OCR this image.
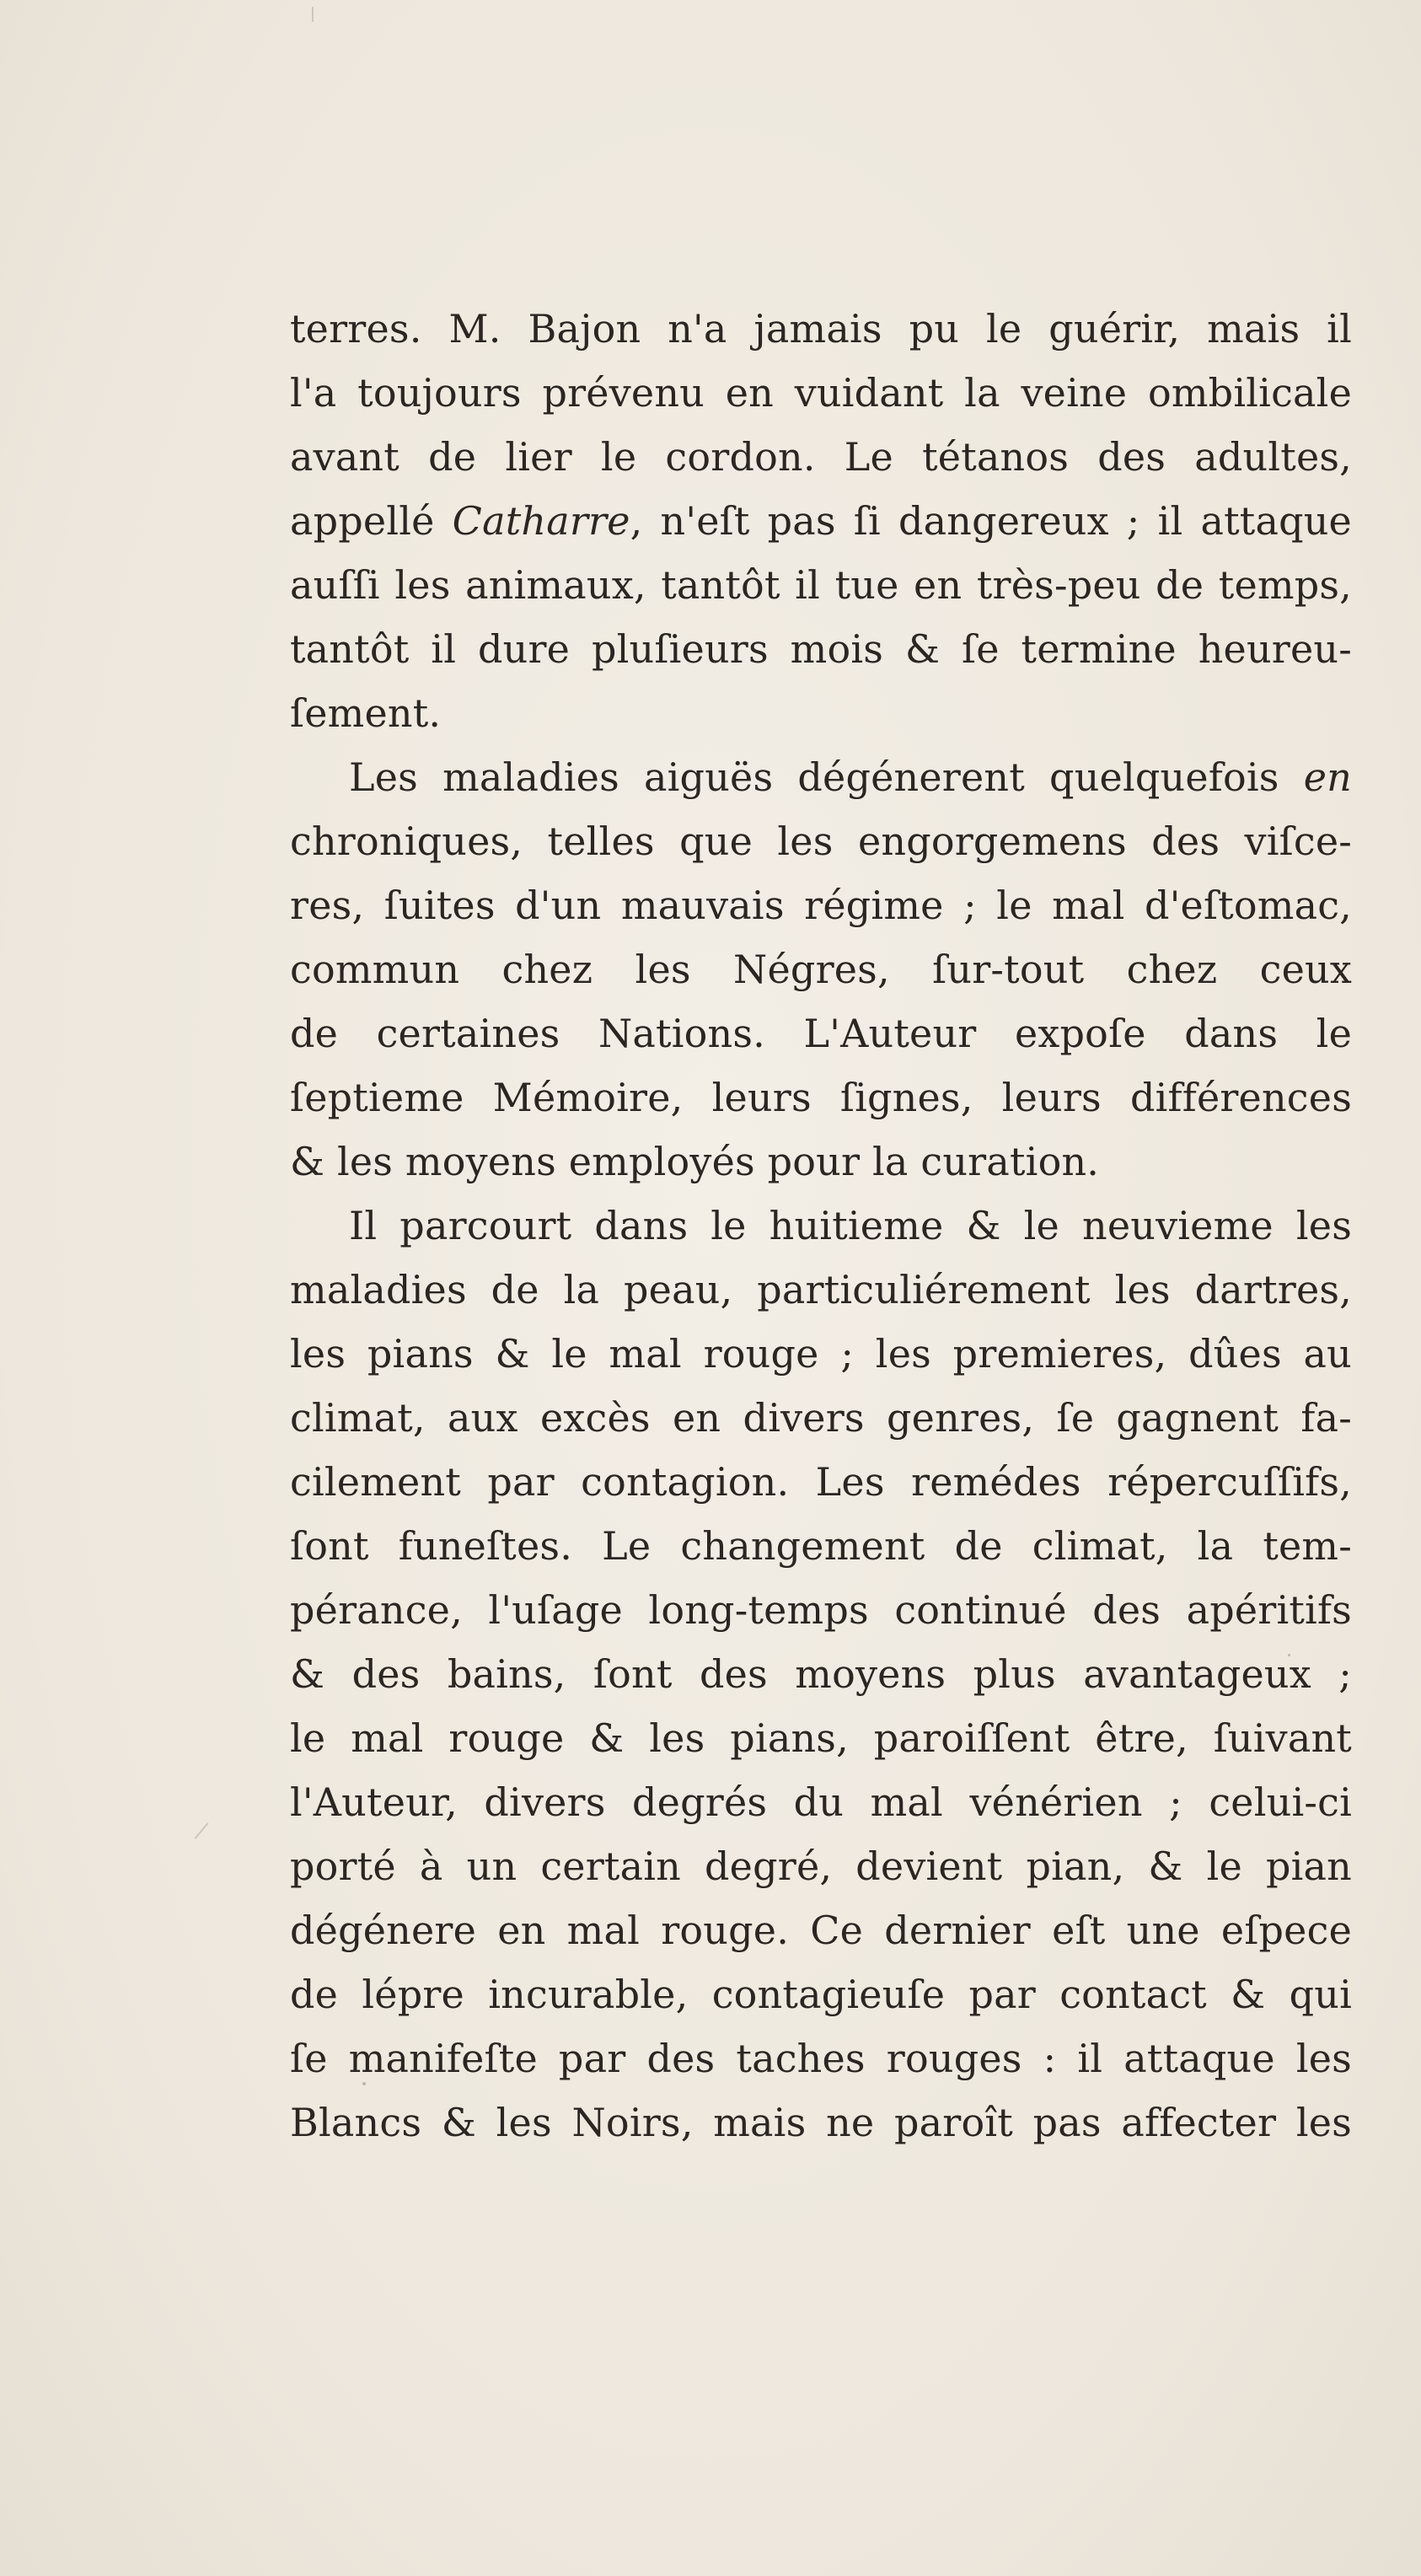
terres. M. Bajon n'a jamais pu le guérir, mais il
l'a toujours prévenu en vuidant la veine ombilicale
avant de lier le cordon. Le tétanos des adultes,
appellé Catharre, n'eſt pas ſi dangereux ; il attaque
auſſi les animaux, tantôt il tue en très-peu de temps,
tantôt il dure pluſieurs mois & ſe termine heureu-
ſement.
Les maladies aiguës dégénerent quelquefois en
chroniques, telles que les engorgemens des viſce-
res, ſuites d'un mauvais régime ; le mal d'eſtomac,
commun chez les Négres, ſur-tout chez ceux
de certaines Nations. L'Auteur expoſe dans le
ſeptieme Mémoire, leurs ſignes, leurs différences
& les moyens employés pour la curation.
Il parcourt dans le huitieme & le neuvieme les
maladies de la peau, particuliérement les dartres,
les pians & le mal rouge ; les premieres, dûes au
climat, aux excès en divers genres, ſe gagnent fa-
cilement par contagion. Les remédes répercuſſifs,
ſont funeſtes. Le changement de climat, la tem-
pérance, l'uſage long-temps continué des apéritifs
& des bains, ſont des moyens plus avantageux ;
le mal rouge & les pians, paroiſſent être, ſuivant
l'Auteur, divers degrés du mal vénérien ; celui-ci
porté à un certain degré, devient pian, & le pian
dégénere en mal rouge. Ce dernier eſt une eſpece
de lépre incurable, contagieuſe par contact & qui
ſe manifeſte par des taches rouges : il attaque les
Blancs & les Noirs, mais ne paroît pas affecter les
